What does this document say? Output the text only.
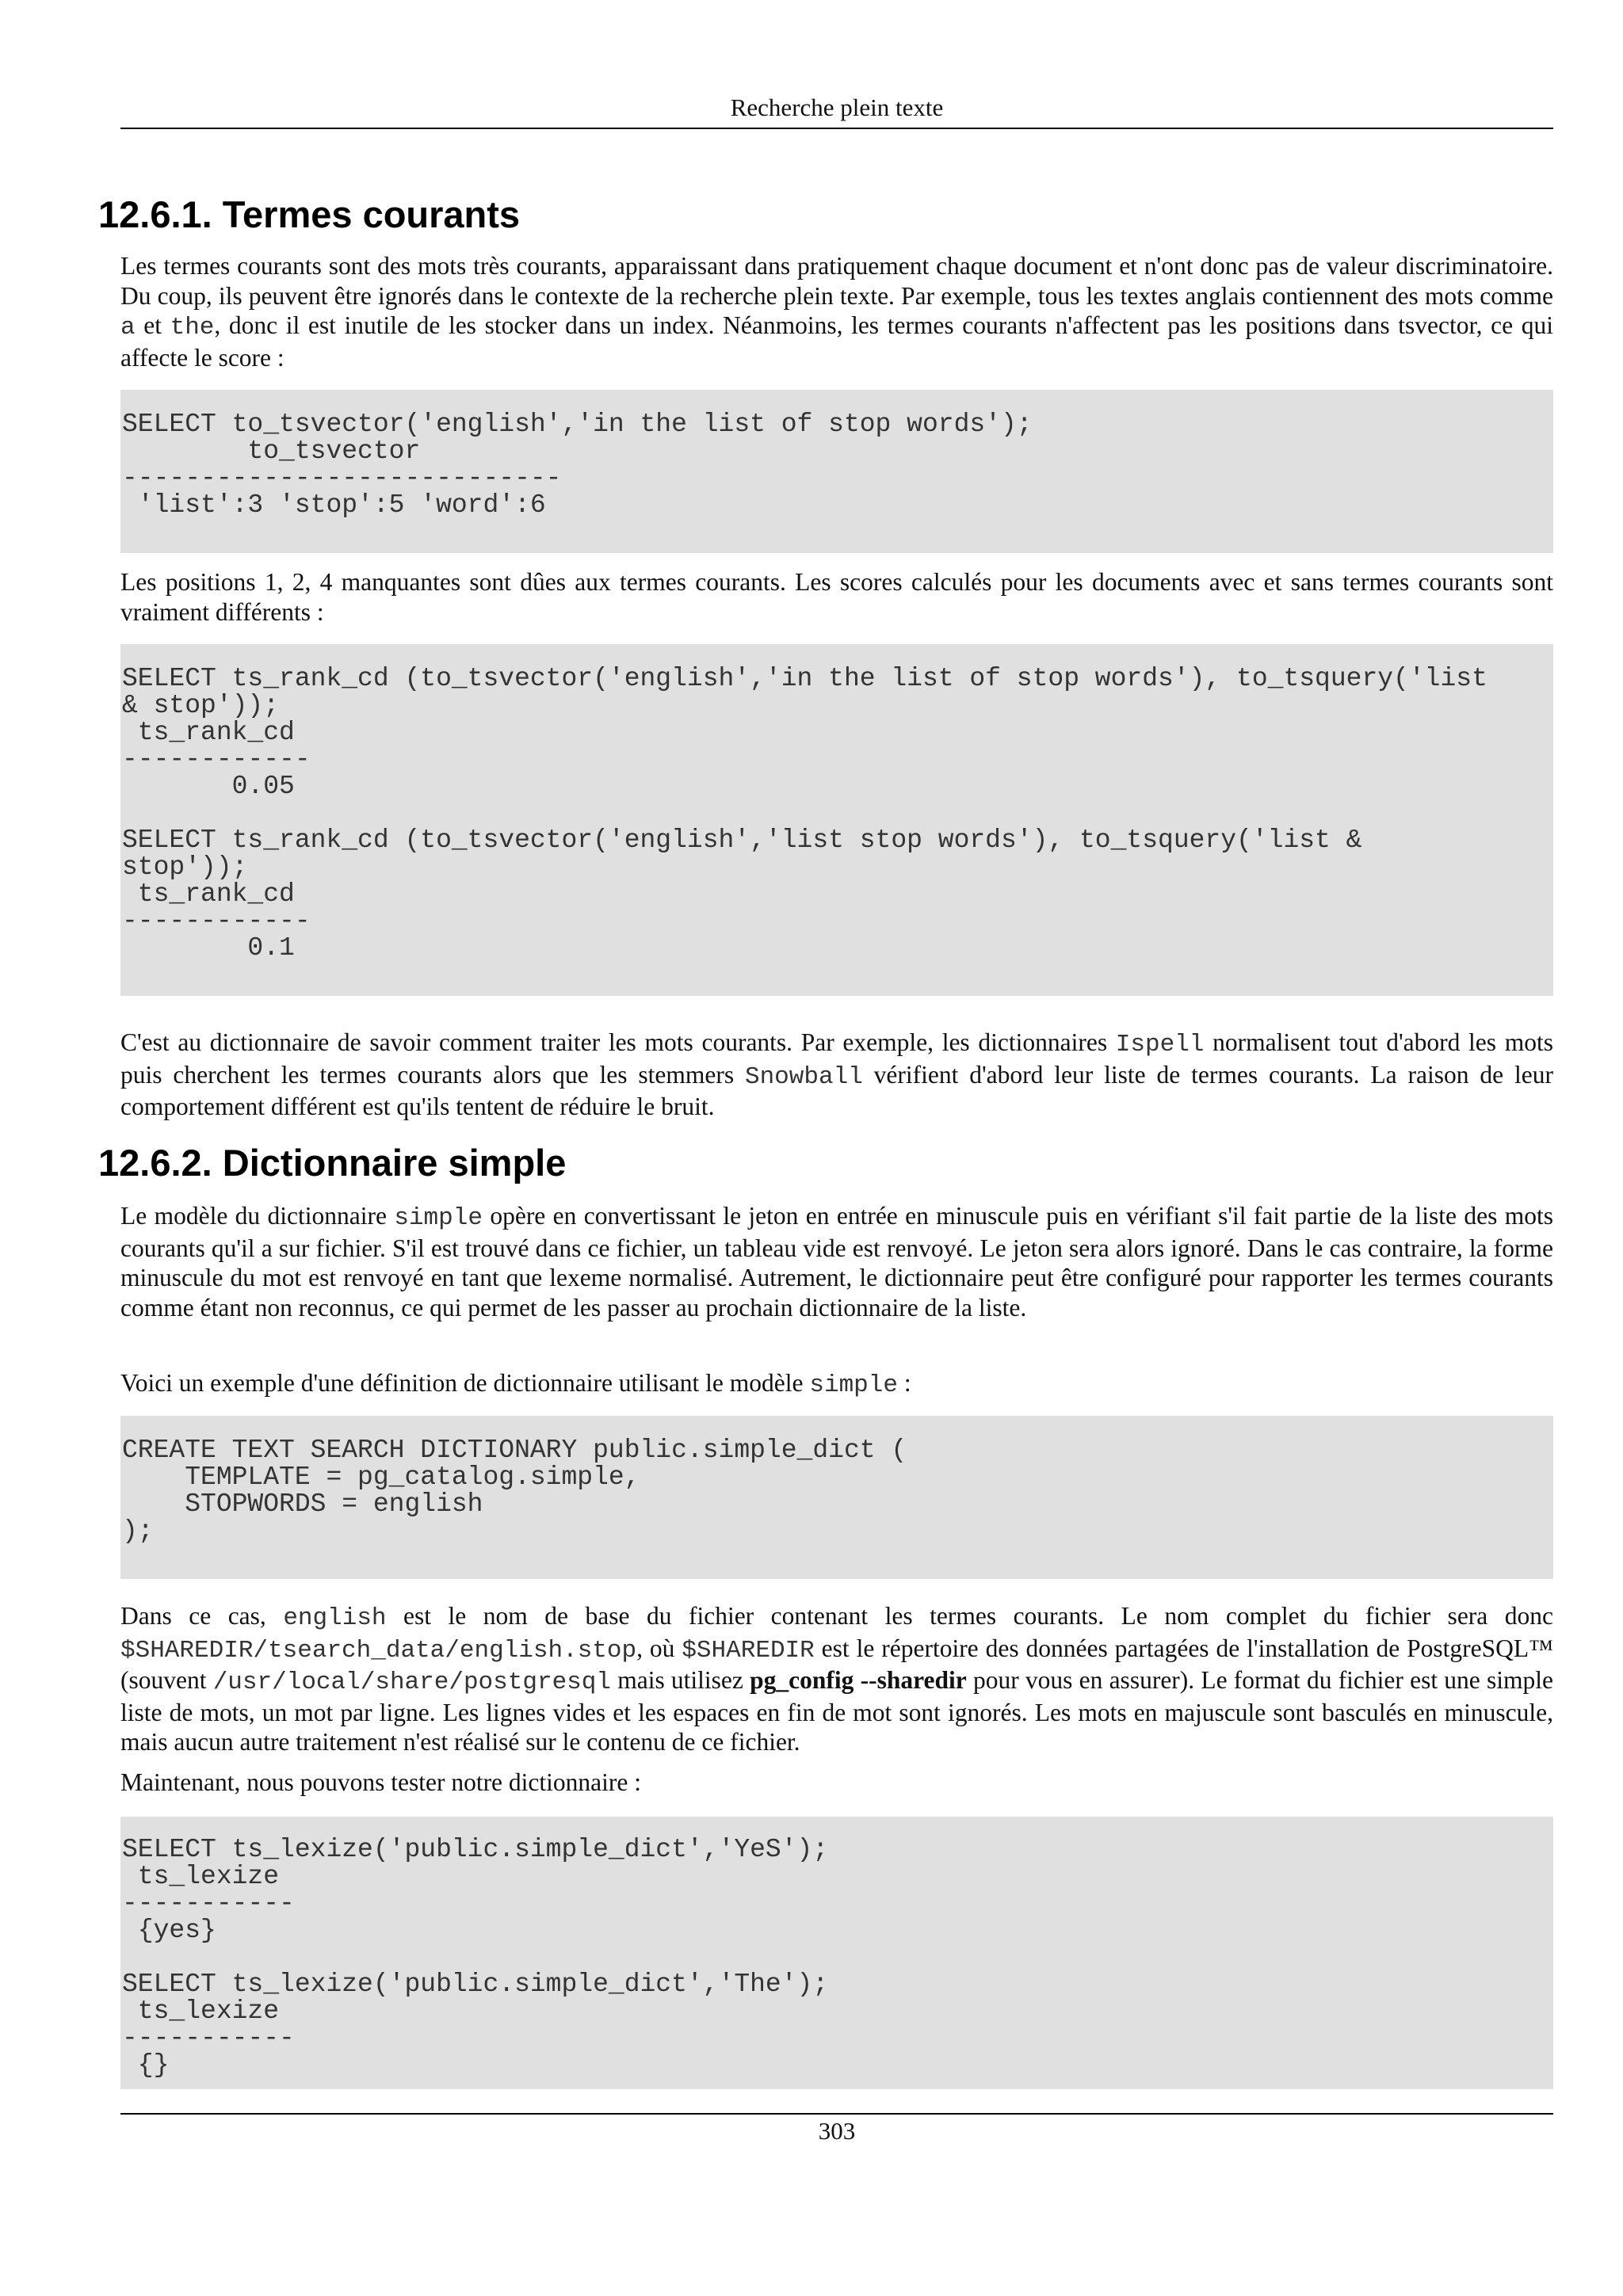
Recherche plein texte
12.6.1. Termes courants

Les termes courants sont des mots très courants, apparaissant dans pratiquement chaque document et n'ont donc pas de valeur discriminatoire. Du coup, ils peuvent être ignorés dans le contexte de la recherche plein texte. Par exemple, tous les textes anglais contiennent des mots comme a et the, donc il est inutile de les stocker dans un index. Néanmoins, les termes courants n'affectent pas les positions dans tsvector, ce qui affecte le score :

SELECT to_tsvector('english','in the list of stop words');
to_tsvector
----------------------------
'list':3 'stop':5 'word':6

Les positions 1, 2, 4 manquantes sont dûes aux termes courants. Les scores calculés pour les documents avec et sans termes courants sont vraiment différents :

SELECT ts_rank_cd (to_tsvector('english','in the list of stop words'), to_tsquery('list
& stop'));
ts_rank_cd
------------
0.05

SELECT ts_rank_cd (to_tsvector('english','list stop words'), to_tsquery('list &
stop'));
ts_rank_cd
------------
0.1

C'est au dictionnaire de savoir comment traiter les mots courants. Par exemple, les dictionnaires Ispell normalisent tout d'abord les mots puis cherchent les termes courants alors que les stemmers Snowball vérifient d'abord leur liste de termes courants. La raison de leur comportement différent est qu'ils tentent de réduire le bruit.

12.6.2. Dictionnaire simple

Le modèle du dictionnaire simple opère en convertissant le jeton en entrée en minuscule puis en vérifiant s'il fait partie de la liste des mots courants qu'il a sur fichier. S'il est trouvé dans ce fichier, un tableau vide est renvoyé. Le jeton sera alors ignoré. Dans le cas contraire, la forme minuscule du mot est renvoyé en tant que lexeme normalisé. Autrement, le dictionnaire peut être configuré pour rapporter les termes courants comme étant non reconnus, ce qui permet de les passer au prochain dictionnaire de la liste.

Voici un exemple d'une définition de dictionnaire utilisant le modèle simple :

CREATE TEXT SEARCH DICTIONARY public.simple_dict (
TEMPLATE = pg_catalog.simple,
STOPWORDS = english
);

Dans ce cas, english est le nom de base du fichier contenant les termes courants. Le nom complet du fichier sera donc $SHAREDIR/tsearch_data/english.stop, où $SHAREDIR est le répertoire des données partagées de l'installation de PostgreSQL™ (souvent /usr/local/share/postgresql mais utilisez pg_config --sharedir pour vous en assurer). Le format du fichier est une simple liste de mots, un mot par ligne. Les lignes vides et les espaces en fin de mot sont ignorés. Les mots en majuscule sont basculés en minuscule, mais aucun autre traitement n'est réalisé sur le contenu de ce fichier.

Maintenant, nous pouvons tester notre dictionnaire :

SELECT ts_lexize('public.simple_dict','YeS');
ts_lexize
-----------
{yes}

SELECT ts_lexize('public.simple_dict','The');
ts_lexize
-----------
{}
303
